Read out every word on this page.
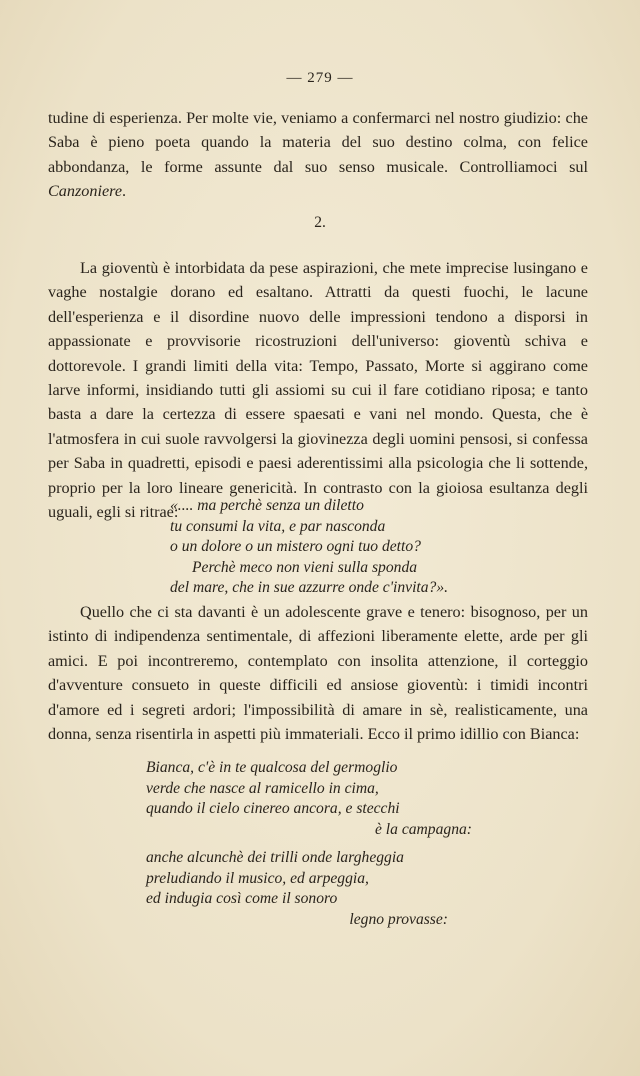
— 279 —

tudine di esperienza. Per molte vie, veniamo a confermarci nel nostro giudizio: che Saba è pieno poeta quando la materia del suo destino colma, con felice abbondanza, le forme assunte dal suo senso musicale. Controlliamoci sul Canzoniere.

2.

La gioventù è intorbidata da pese aspirazioni, che mete imprecise lusingano e vaghe nostalgie dorano ed esaltano. Attratti da questi fuochi, le lacune dell'esperienza e il disordine nuovo delle impressioni tendono a disporsi in appassionate e provvisorie ricostruzioni dell'universo: gioventù schiva e dottorevole. I grandi limiti della vita: Tempo, Passato, Morte si aggirano come larve informi, insidiando tutti gli assiomi su cui il fare cotidiano riposa; e tanto basta a dare la certezza di essere spaesati e vani nel mondo. Questa, che è l'atmosfera in cui suole ravvolgersi la giovinezza degli uomini pensosi, si confessa per Saba in quadretti, episodi e paesi aderentissimi alla psicologia che li sottende, proprio per la loro lineare genericità. In contrasto con la gioiosa esultanza degli uguali, egli si ritrae:

«.... ma perchè senza un diletto
tu consumi la vita, e par nasconda
o un dolore o un mistero ogni tuo detto?
Perchè meco non vieni sulla sponda
del mare, che in sue azzurre onde c'invita?».

Quello che ci sta davanti è un adolescente grave e tenero: bisognoso, per un istinto di indipendenza sentimentale, di affezioni liberamente elette, arde per gli amici. E poi incontreremo, contemplato con insolita attenzione, il corteggio d'avventure consueto in queste difficili ed ansiose gioventù: i timidi incontri d'amore ed i segreti ardori; l'impossibilità di amare in sè, realisticamente, una donna, senza risentirla in aspetti più immateriali. Ecco il primo idillio con Bianca:

Bianca, c'è in te qualcosa del germoglio
verde che nasce al ramicello in cima,
quando il cielo cinereo ancora, e stecchi
è la campagna:
anche alcunchè dei trilli onde largheggia
preludiando il musico, ed arpeggia,
ed indugia così come il sonoro
legno provasse:
